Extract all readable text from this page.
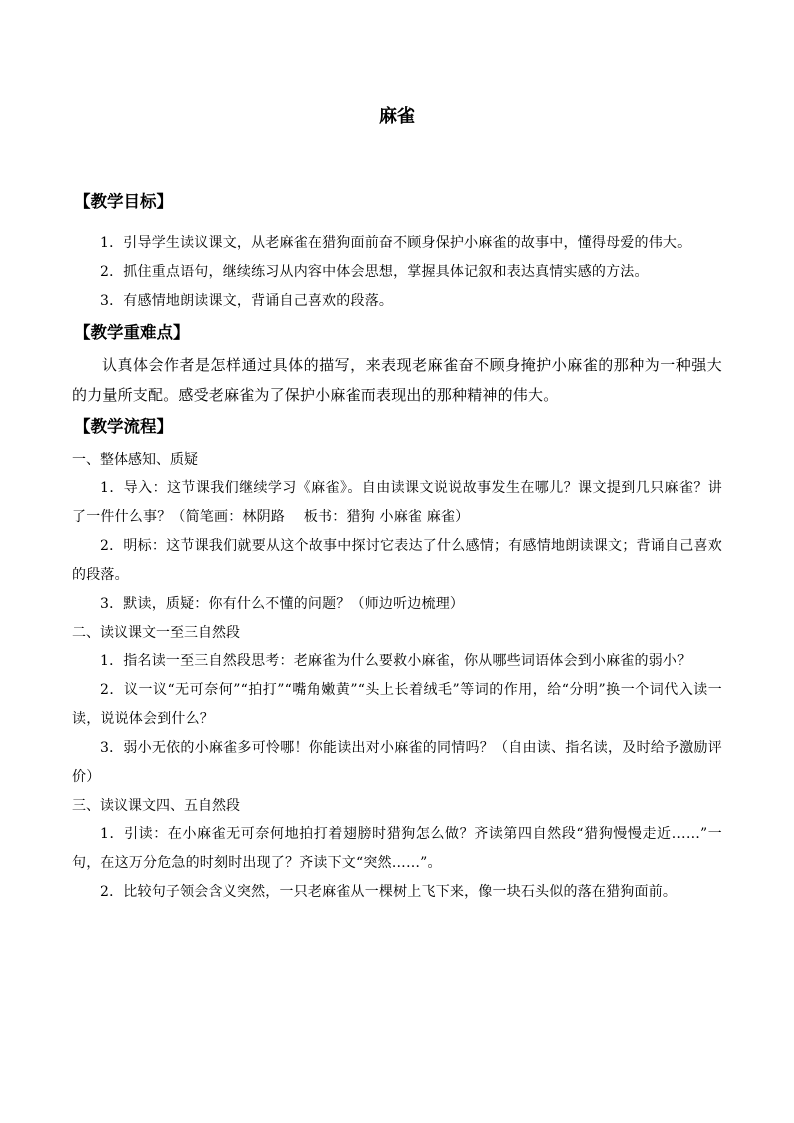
麻雀
【教学目标】

1．引导学生读议课文，从老麻雀在猎狗面前奋不顾身保护小麻雀的故事中，懂得母爱的伟大。

2．抓住重点语句，继续练习从内容中体会思想，掌握具体记叙和表达真情实感的方法。

3．有感情地朗读课文，背诵自己喜欢的段落。

【教学重难点】

认真体会作者是怎样通过具体的描写，来表现老麻雀奋不顾身掩护小麻雀的那种为一种强大的力量所支配。感受老麻雀为了保护小麻雀而表现出的那种精神的伟大。

【教学流程】

一、整体感知、质疑

1．导入：这节课我们继续学习《麻雀》。自由读课文说说故事发生在哪儿？课文提到几只麻雀？讲了一件什么事？（简笔画：林阴路　 板书：猎狗 小麻雀 麻雀）

2．明标：这节课我们就要从这个故事中探讨它表达了什么感情；有感情地朗读课文；背诵自己喜欢的段落。

3．默读，质疑：你有什么不懂的问题？（师边听边梳理）

二、读议课文一至三自然段

1．指名读一至三自然段思考：老麻雀为什么要救小麻雀，你从哪些词语体会到小麻雀的弱小？

2．议一议“无可奈何”“拍打”“嘴角嫩黄”“头上长着绒毛”等词的作用，给“分明”换一个词代入读一读，说说体会到什么？

3．弱小无依的小麻雀多可怜哪！你能读出对小麻雀的同情吗？（自由读、指名读，及时给予激励评价）

三、读议课文四、五自然段

1．引读：在小麻雀无可奈何地拍打着翅膀时猎狗怎么做？齐读第四自然段“猎狗慢慢走近……”一句，在这万分危急的时刻时出现了？齐读下文“突然……”。

2．比较句子领会含义突然，一只老麻雀从一棵树上飞下来，像一块石头似的落在猎狗面前。
